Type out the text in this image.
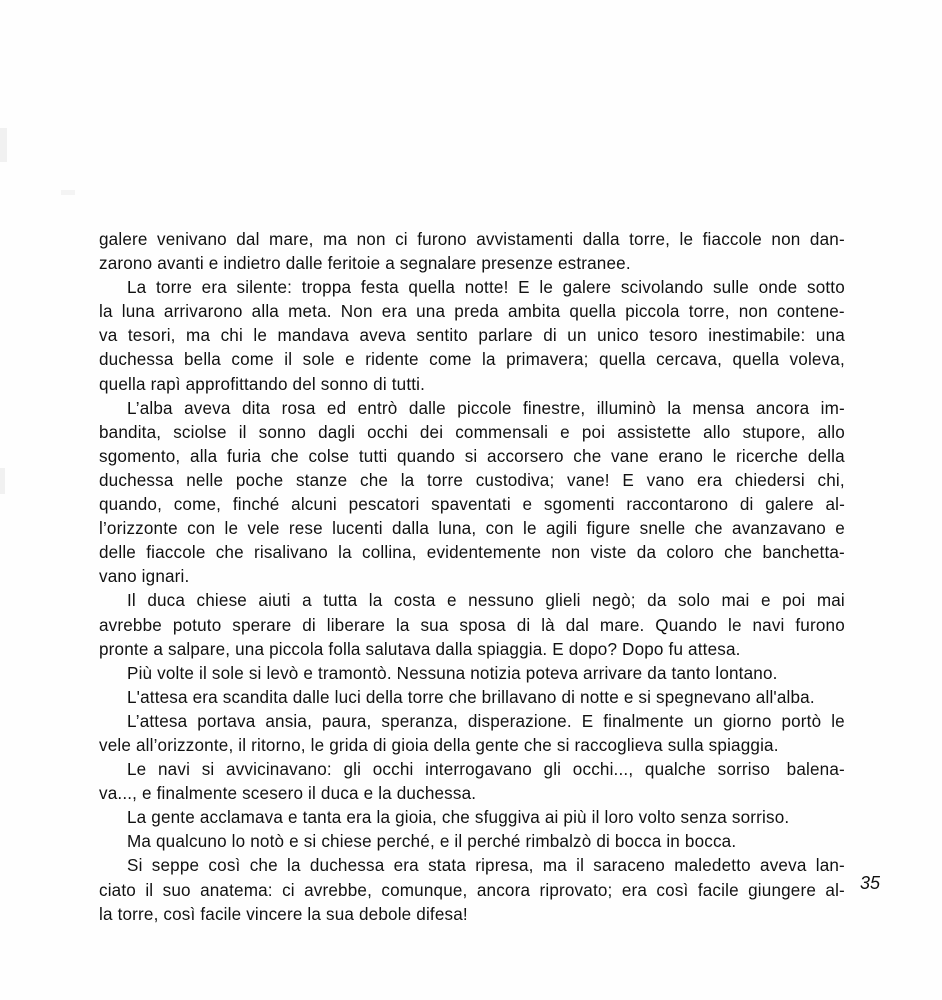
galere venivano dal mare, ma non ci furono avvistamenti dalla torre, le fiaccole non dan-
zarono avanti e indietro dalle feritoie a segnalare presenze estranee.
La torre era silente: troppa festa quella notte! E le galere scivolando sulle onde sotto
la luna arrivarono alla meta. Non era una preda ambita quella piccola torre, non contene-
va tesori, ma chi le mandava aveva sentito parlare di un unico tesoro inestimabile: una
duchessa bella come il sole e ridente come la primavera; quella cercava, quella voleva,
quella rapì approfittando del sonno di tutti.
L’alba aveva dita rosa ed entrò dalle piccole finestre, illuminò la mensa ancora im-
bandita, sciolse il sonno dagli occhi dei commensali e poi assistette allo stupore, allo
sgomento, alla furia che colse tutti quando si accorsero che vane erano le ricerche della
duchessa nelle poche stanze che la torre custodiva; vane! E vano era chiedersi chi,
quando, come, finché alcuni pescatori spaventati e sgomenti raccontarono di galere al-
l’orizzonte con le vele rese lucenti dalla luna, con le agili figure snelle che avanzavano e
delle fiaccole che risalivano la collina, evidentemente non viste da coloro che banchetta-
vano ignari.
Il duca chiese aiuti a tutta la costa e nessuno glieli negò; da solo mai e poi mai
avrebbe potuto sperare di liberare la sua sposa di là dal mare. Quando le navi furono
pronte a salpare, una piccola folla salutava dalla spiaggia. E dopo? Dopo fu attesa.
Più volte il sole si levò e tramontò. Nessuna notizia poteva arrivare da tanto lontano.
L'attesa era scandita dalle luci della torre che brillavano di notte e si spegnevano all'alba.
L’attesa portava ansia, paura, speranza, disperazione. E finalmente un giorno portò le
vele all’orizzonte, il ritorno, le grida di gioia della gente che si raccoglieva sulla spiaggia.
Le navi si avvicinavano: gli occhi interrogavano gli occhi..., qualche sorriso balena-
va..., e finalmente scesero il duca e la duchessa.
La gente acclamava e tanta era la gioia, che sfuggiva ai più il loro volto senza sorriso.
Ma qualcuno lo notò e si chiese perché, e il perché rimbalzò di bocca in bocca.
Si seppe così che la duchessa era stata ripresa, ma il saraceno maledetto aveva lan-
ciato il suo anatema: ci avrebbe, comunque, ancora riprovato; era così facile giungere al-
la torre, così facile vincere la sua debole difesa!
35
